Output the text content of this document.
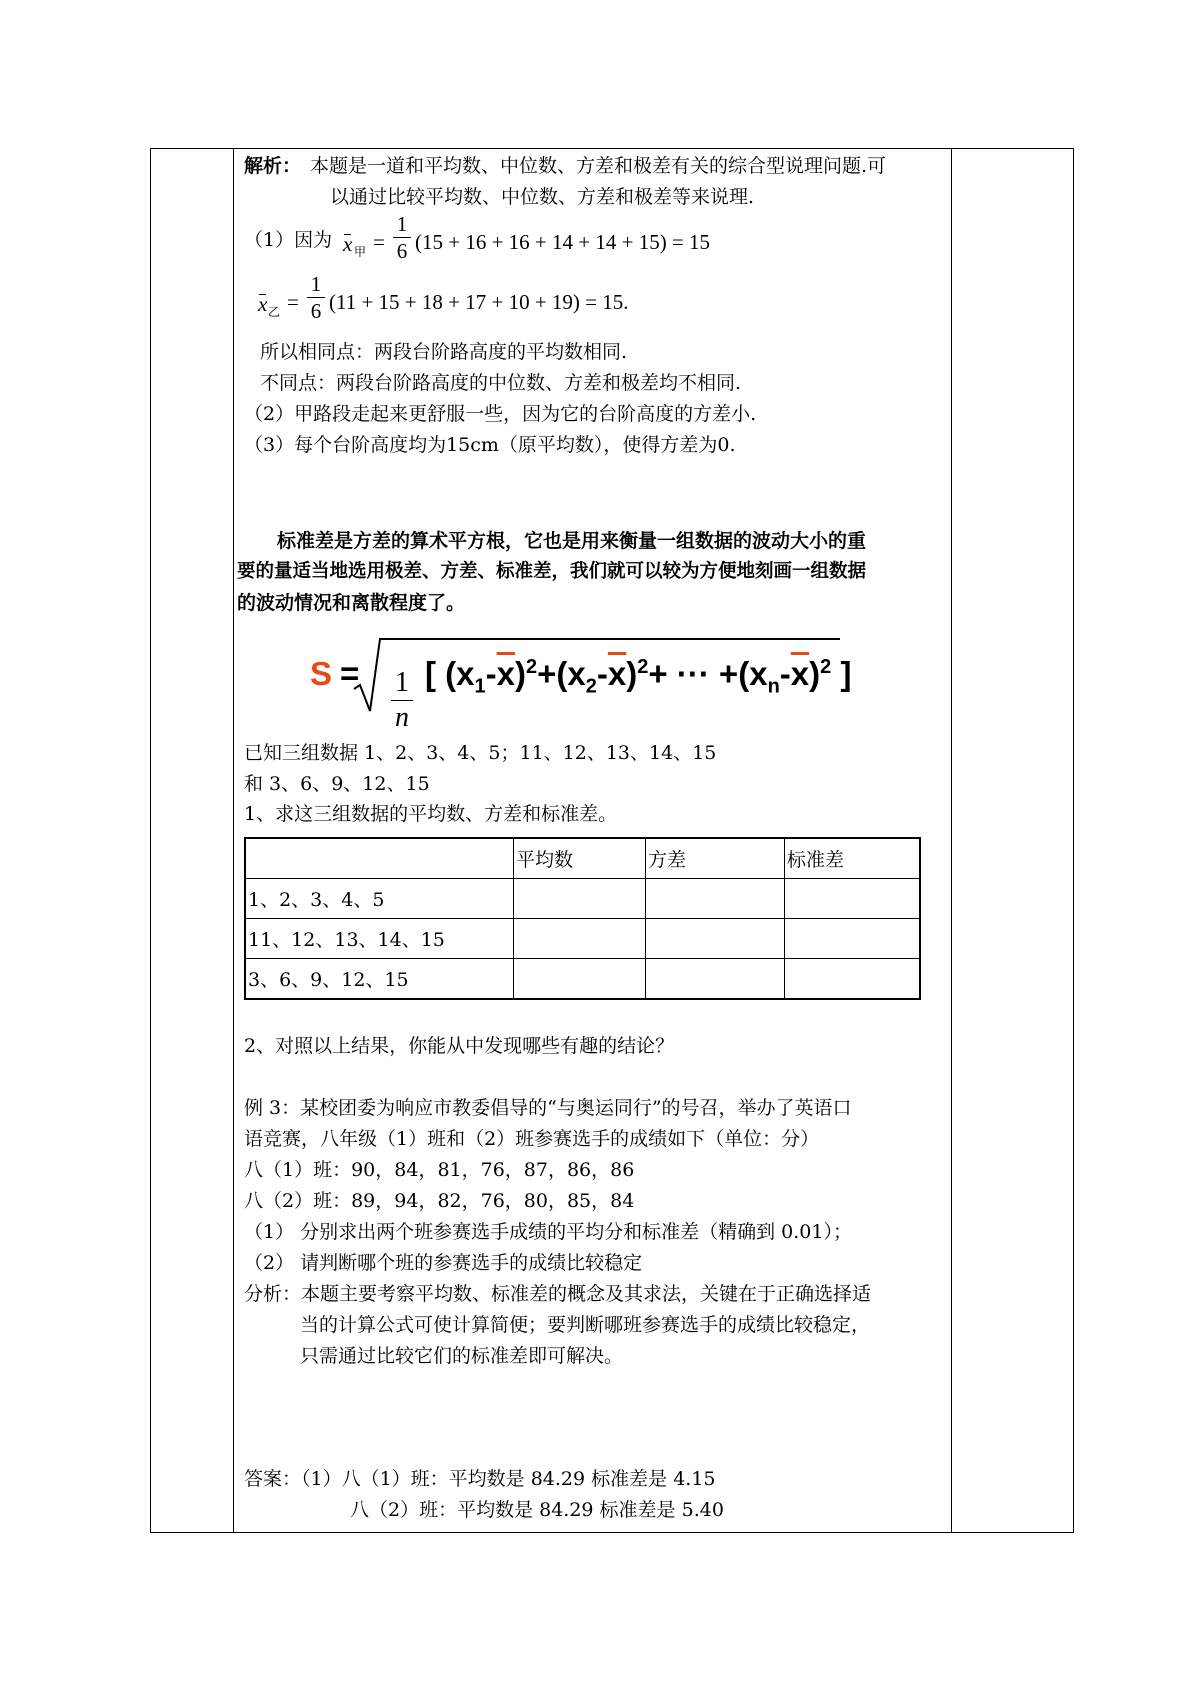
解析： 本题是一道和平均数、中位数、方差和极差有关的综合型说理问题.可
以通过比较平均数、中位数、方差和极差等来说理.
（1）因为 x 甲 =
1
6 (15 + 16 + 16 + 14 + 14 + 15) = 15
x 乙 =
1
6 (11 + 15 + 18 + 17 + 10 + 19) = 15.
所以相同点：两段台阶路高度的平均数相同.
不同点：两段台阶路高度的中位数、方差和极差均不相同.
（2）甲路段走起来更舒服一些，因为它的台阶高度的方差小.
（3）每个台阶高度均为15cm（原平均数），使得方差为0.
标准差是方差的算术平方根，它也是用来衡量一组数据的波动大小的重
要的量适当地选用极差、方差、标准差，我们就可以较为方便地刻画一组数据
的波动情况和离散程度了。
S = 1
n
[ $(x_1-\overline{x})^2+(x_2-\overline{x})^2+$ ··· $+(x_n-\overline{x})^2$ ]
已知三组数据 1、2、3、4、5；11、12、13、14、15
和 3、6、9、12、15
1、求这三组数据的平均数、方差和标准差。
	平均数	方差	标准差
1、2、3、4、5			
11、12、13、14、15			
3、6、9、12、15			
2、对照以上结果，你能从中发现哪些有趣的结论？
例 3：某校团委为响应市教委倡导的“与奥运同行”的号召，举办了英语口
语竞赛，八年级（1）班和（2）班参赛选手的成绩如下（单位：分）
八（1）班：90，84，81，76，87，86，86
八（2）班：89，94，82，76，80，85，84
（1） 分别求出两个班参赛选手成绩的平均分和标准差（精确到 0.01）；
（2） 请判断哪个班的参赛选手的成绩比较稳定
分析：本题主要考察平均数、标准差的概念及其求法，关键在于正确选择适
当的计算公式可使计算简便；要判断哪班参赛选手的成绩比较稳定，
只需通过比较它们的标准差即可解决。
答案：（1）八（1）班：平均数是 84.29 标准差是 4.15
八（2）班：平均数是 84.29 标准差是 5.40
